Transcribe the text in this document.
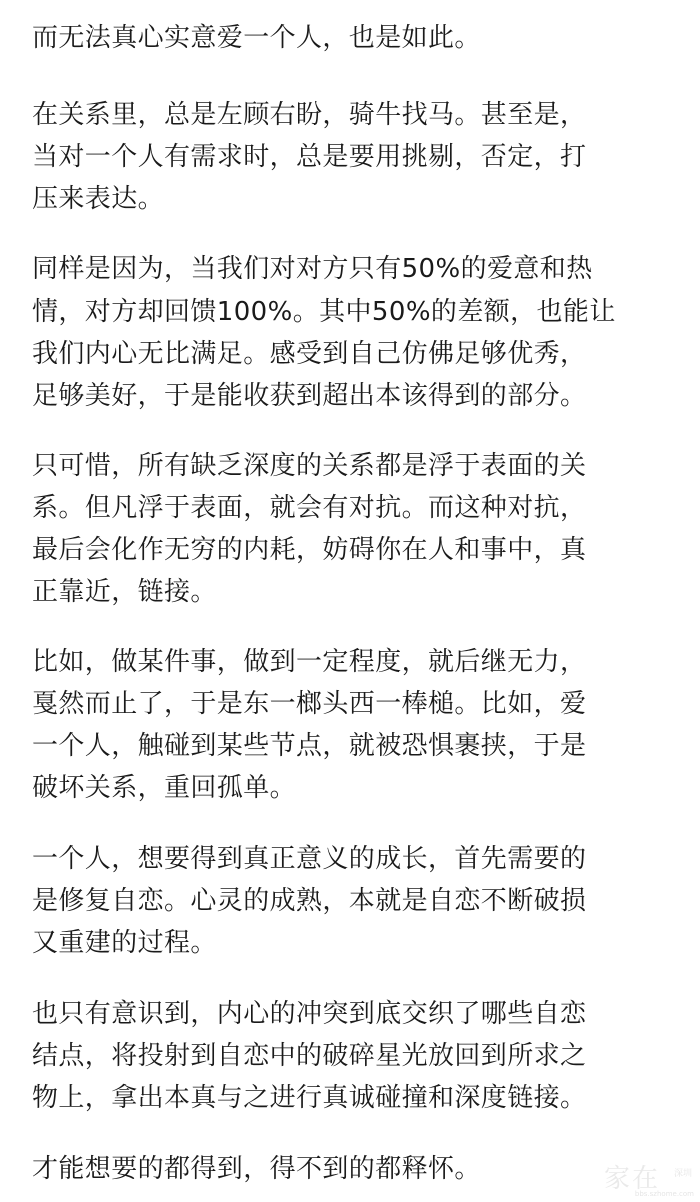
而无法真心实意爱一个人，也是如此。
在关系里，总是左顾右盼，骑牛找马。甚至是，
当对一个人有需求时，总是要用挑剔，否定，打
压来表达。
同样是因为，当我们对对方只有50%的爱意和热
情，对方却回馈100%。其中50%的差额，也能让
我们内心无比满足。感受到自己仿佛足够优秀，
足够美好，于是能收获到超出本该得到的部分。
只可惜，所有缺乏深度的关系都是浮于表面的关
系。但凡浮于表面，就会有对抗。而这种对抗，
最后会化作无穷的内耗，妨碍你在人和事中，真
正靠近，链接。
比如，做某件事，做到一定程度，就后继无力，
戛然而止了，于是东一榔头西一棒槌。比如，爱
一个人，触碰到某些节点，就被恐惧裹挟，于是
破坏关系，重回孤单。
一个人，想要得到真正意义的成长，首先需要的
是修复自恋。心灵的成熟，本就是自恋不断破损
又重建的过程。
也只有意识到，内心的冲突到底交织了哪些自恋
结点，将投射到自恋中的破碎星光放回到所求之
物上，拿出本真与之进行真诚碰撞和深度链接。
才能想要的都得到，得不到的都释怀。	家在 深圳
bbs.szhome.com
